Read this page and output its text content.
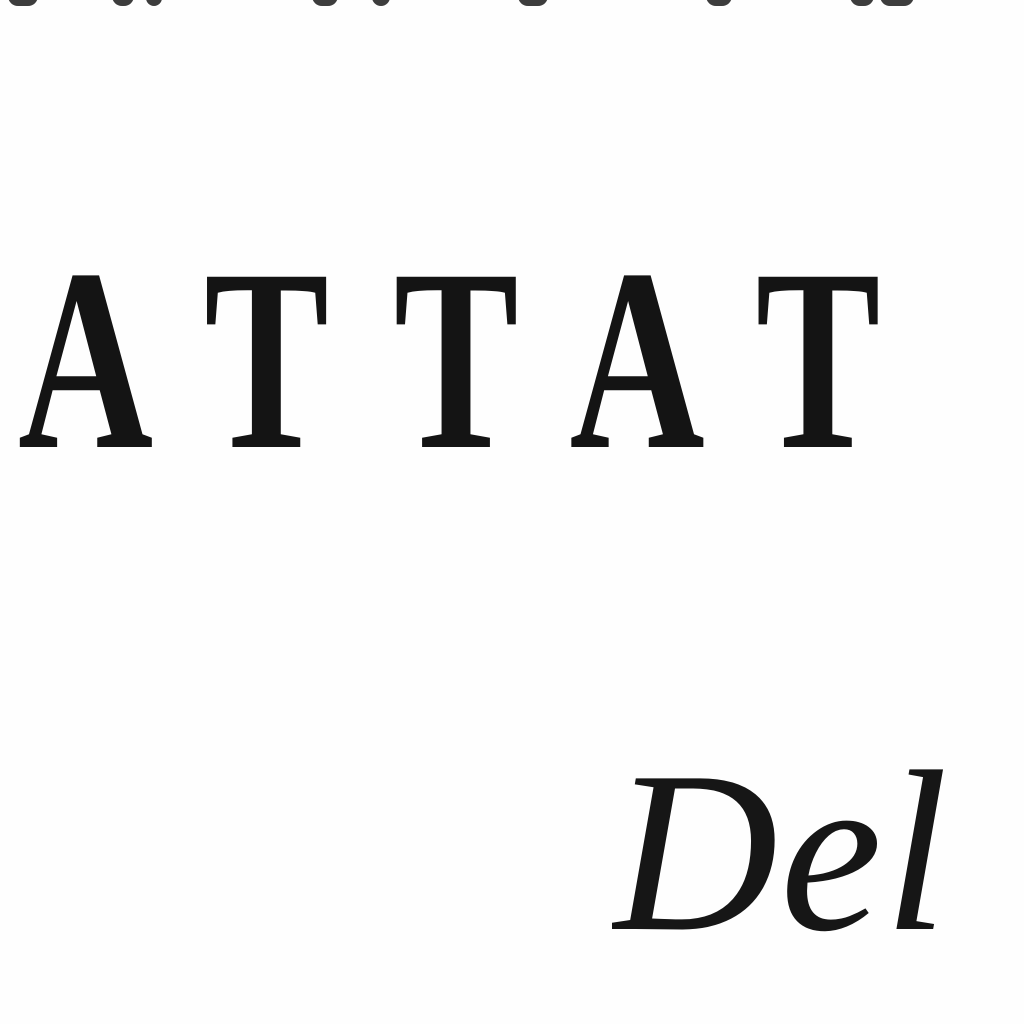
ATTAT

Del
